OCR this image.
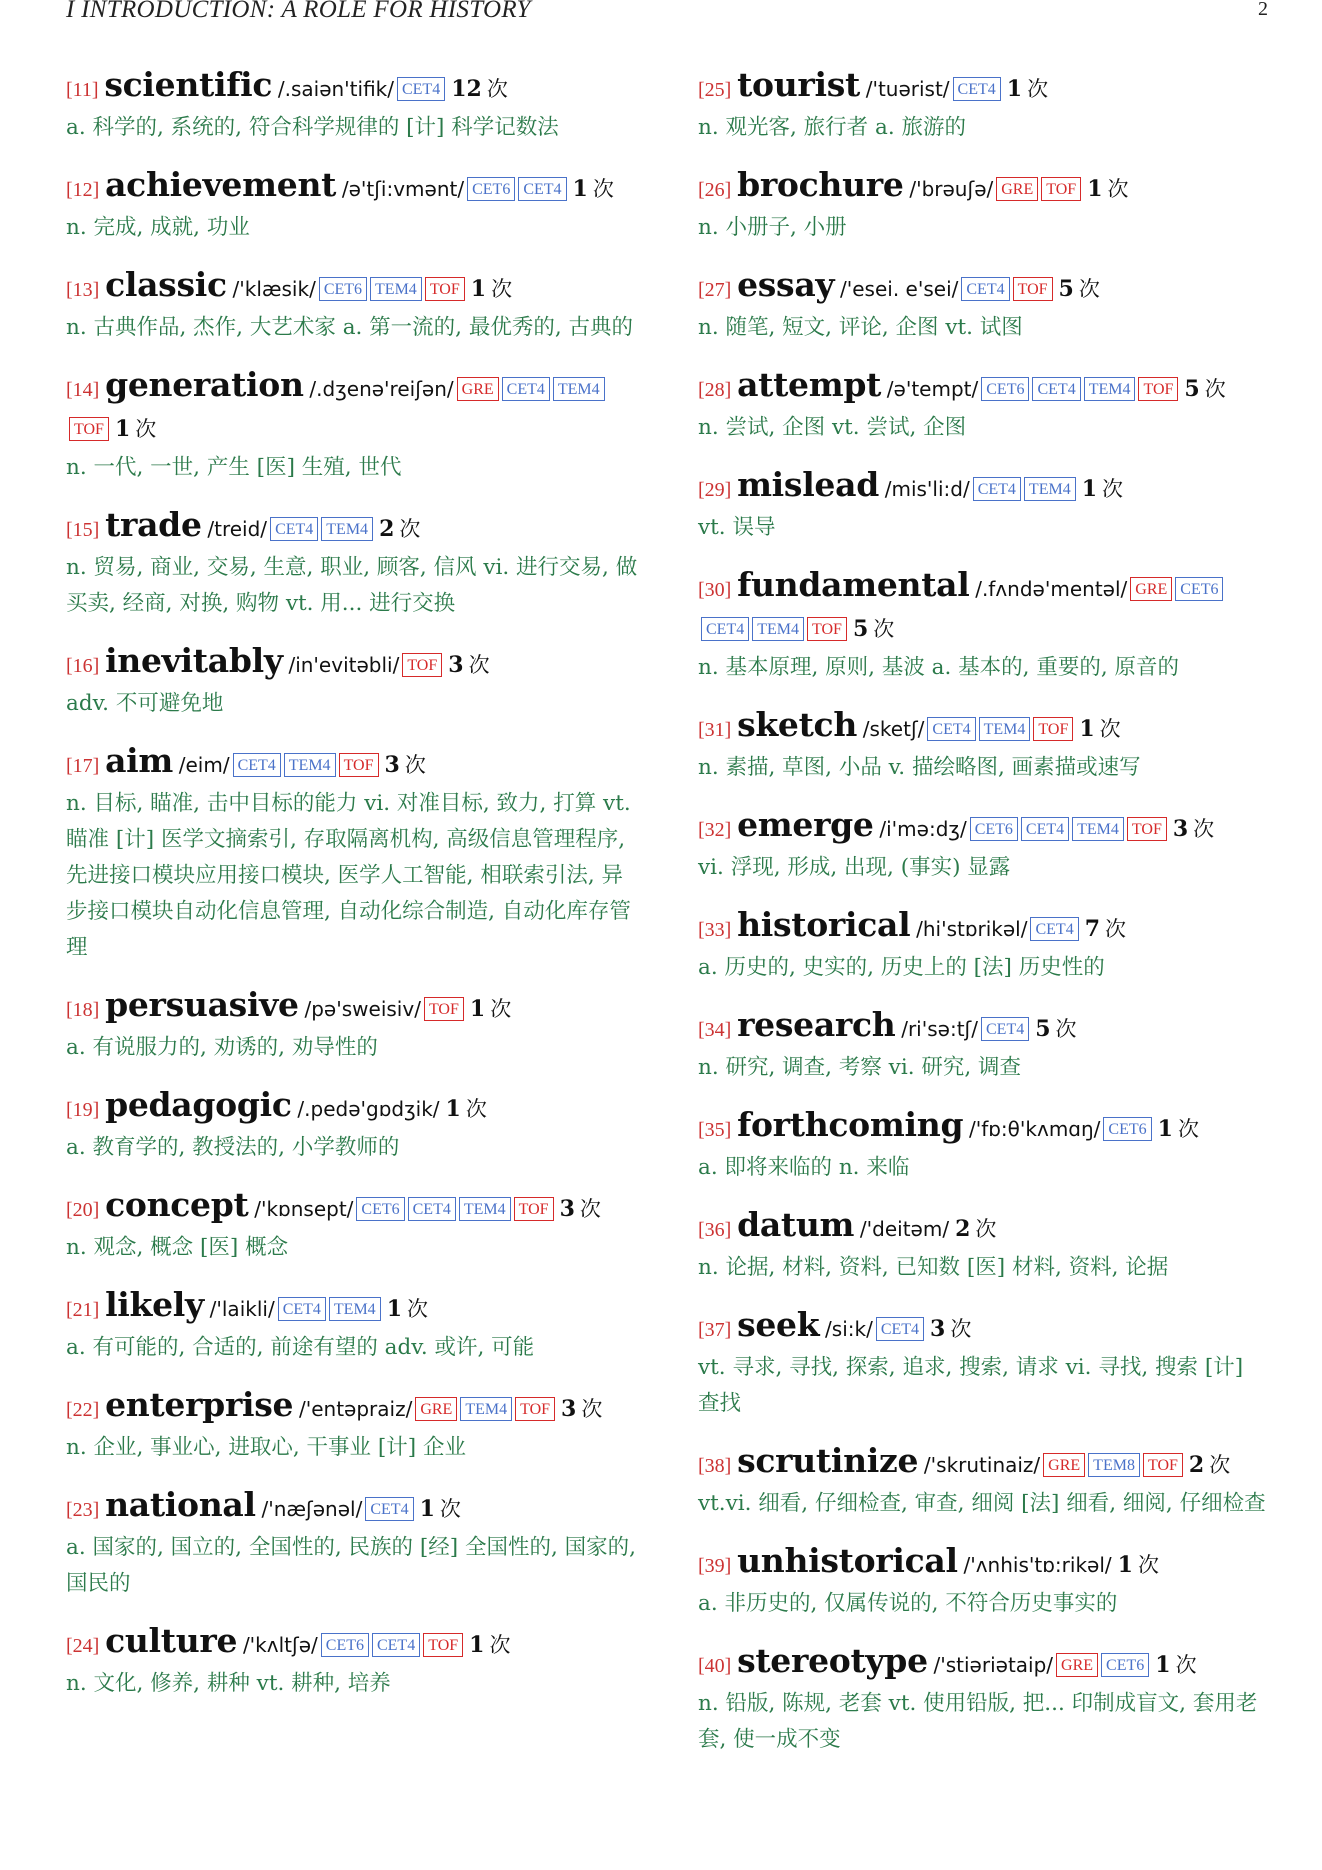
I INTRODUCTION: A ROLE FOR HISTORY	2
[11] scientific /.saiən'tifik/ CET4 12 次
a. 科学的, 系统的, 符合科学规律的 [计] 科学记数法
[12] achievement /ə'tʃi:vmənt/ CET6 CET4 1 次
n. 完成, 成就, 功业
[13] classic /'klæsik/ CET6 TEM4 TOF 1 次
n. 古典作品, 杰作, 大艺术家 a. 第一流的, 最优秀的, 古典的
[14] generation /.dʒenə'reiʃən/ GRE CET4 TEM4TOF 1 次
n. 一代, 一世, 产生 [医] 生殖, 世代
[15] trade /treid/ CET4 TEM4 2 次
n. 贸易, 商业, 交易, 生意, 职业, 顾客, 信风 vi. 进行交易, 做买卖, 经商, 对换, 购物 vt. 用... 进行交换
[16] inevitably /in'evitəbli/ TOF 3 次
adv. 不可避免地
[17] aim /eim/ CET4 TEM4 TOF 3 次
n. 目标, 瞄准, 击中目标的能力 vi. 对准目标, 致力, 打算 vt. 瞄准 [计] 医学文摘索引, 存取隔离机构, 高级信息管理程序, 先进接口模块应用接口模块, 医学人工智能, 相联索引法, 异步接口模块自动化信息管理, 自动化综合制造, 自动化库存管理
[18] persuasive /pə'sweisiv/ TOF 1 次
a. 有说服力的, 劝诱的, 劝导性的
[19] pedagogic /.pedə'gɒdʒik/ 1 次
a. 教育学的, 教授法的, 小学教师的
[20] concept /'kɒnsept/ CET6 CET4 TEM4 TOF 3 次
n. 观念, 概念 [医] 概念
[21] likely /'laikli/ CET4 TEM4 1 次
a. 有可能的, 合适的, 前途有望的 adv. 或许, 可能
[22] enterprise /'entəpraiz/ GRE TEM4 TOF 3 次
n. 企业, 事业心, 进取心, 干事业 [计] 企业
[23] national /'næʃənəl/ CET4 1 次
a. 国家的, 国立的, 全国性的, 民族的 [经] 全国性的, 国家的, 国民的
[24] culture /'kʌltʃə/ CET6 CET4 TOF 1 次
n. 文化, 修养, 耕种 vt. 耕种, 培养
[25] tourist /'tuərist/ CET4 1 次
n. 观光客, 旅行者 a. 旅游的
[26] brochure /'brəuʃə/ GRE TOF 1 次
n. 小册子, 小册
[27] essay /'esei. e'sei/ CET4 TOF 5 次
n. 随笔, 短文, 评论, 企图 vt. 试图
[28] attempt /ə'tempt/ CET6 CET4 TEM4 TOF 5 次
n. 尝试, 企图 vt. 尝试, 企图
[29] mislead /mis'li:d/ CET4 TEM4 1 次
vt. 误导
[30] fundamental /.fʌndə'mentəl/ GRE CET6CET4 TEM4 TOF 5 次
n. 基本原理, 原则, 基波 a. 基本的, 重要的, 原音的
[31] sketch /sketʃ/ CET4 TEM4 TOF 1 次
n. 素描, 草图, 小品 v. 描绘略图, 画素描或速写
[32] emerge /i'mə:dʒ/ CET6 CET4 TEM4 TOF 3 次
vi. 浮现, 形成, 出现, (事实) 显露
[33] historical /hi'stɒrikəl/ CET4 7 次
a. 历史的, 史实的, 历史上的 [法] 历史性的
[34] research /ri'sə:tʃ/ CET4 5 次
n. 研究, 调查, 考察 vi. 研究, 调查
[35] forthcoming /'fɒ:θ'kʌmɑŋ/ CET6 1 次
a. 即将来临的 n. 来临
[36] datum /'deitəm/ 2 次
n. 论据, 材料, 资料, 已知数 [医] 材料, 资料, 论据
[37] seek /si:k/ CET4 3 次
vt. 寻求, 寻找, 探索, 追求, 搜索, 请求 vi. 寻找, 搜索 [计] 查找
[38] scrutinize /'skrutinaiz/ GRE TEM8 TOF 2 次
vt.vi. 细看, 仔细检查, 审查, 细阅 [法] 细看, 细阅, 仔细检查
[39] unhistorical /'ʌnhis'tɒ:rikəl/ 1 次
a. 非历史的, 仅属传说的, 不符合历史事实的
[40] stereotype /'stiəriətaip/ GRE CET6 1 次
n. 铅版, 陈规, 老套 vt. 使用铅版, 把... 印制成盲文, 套用老套, 使一成不变
